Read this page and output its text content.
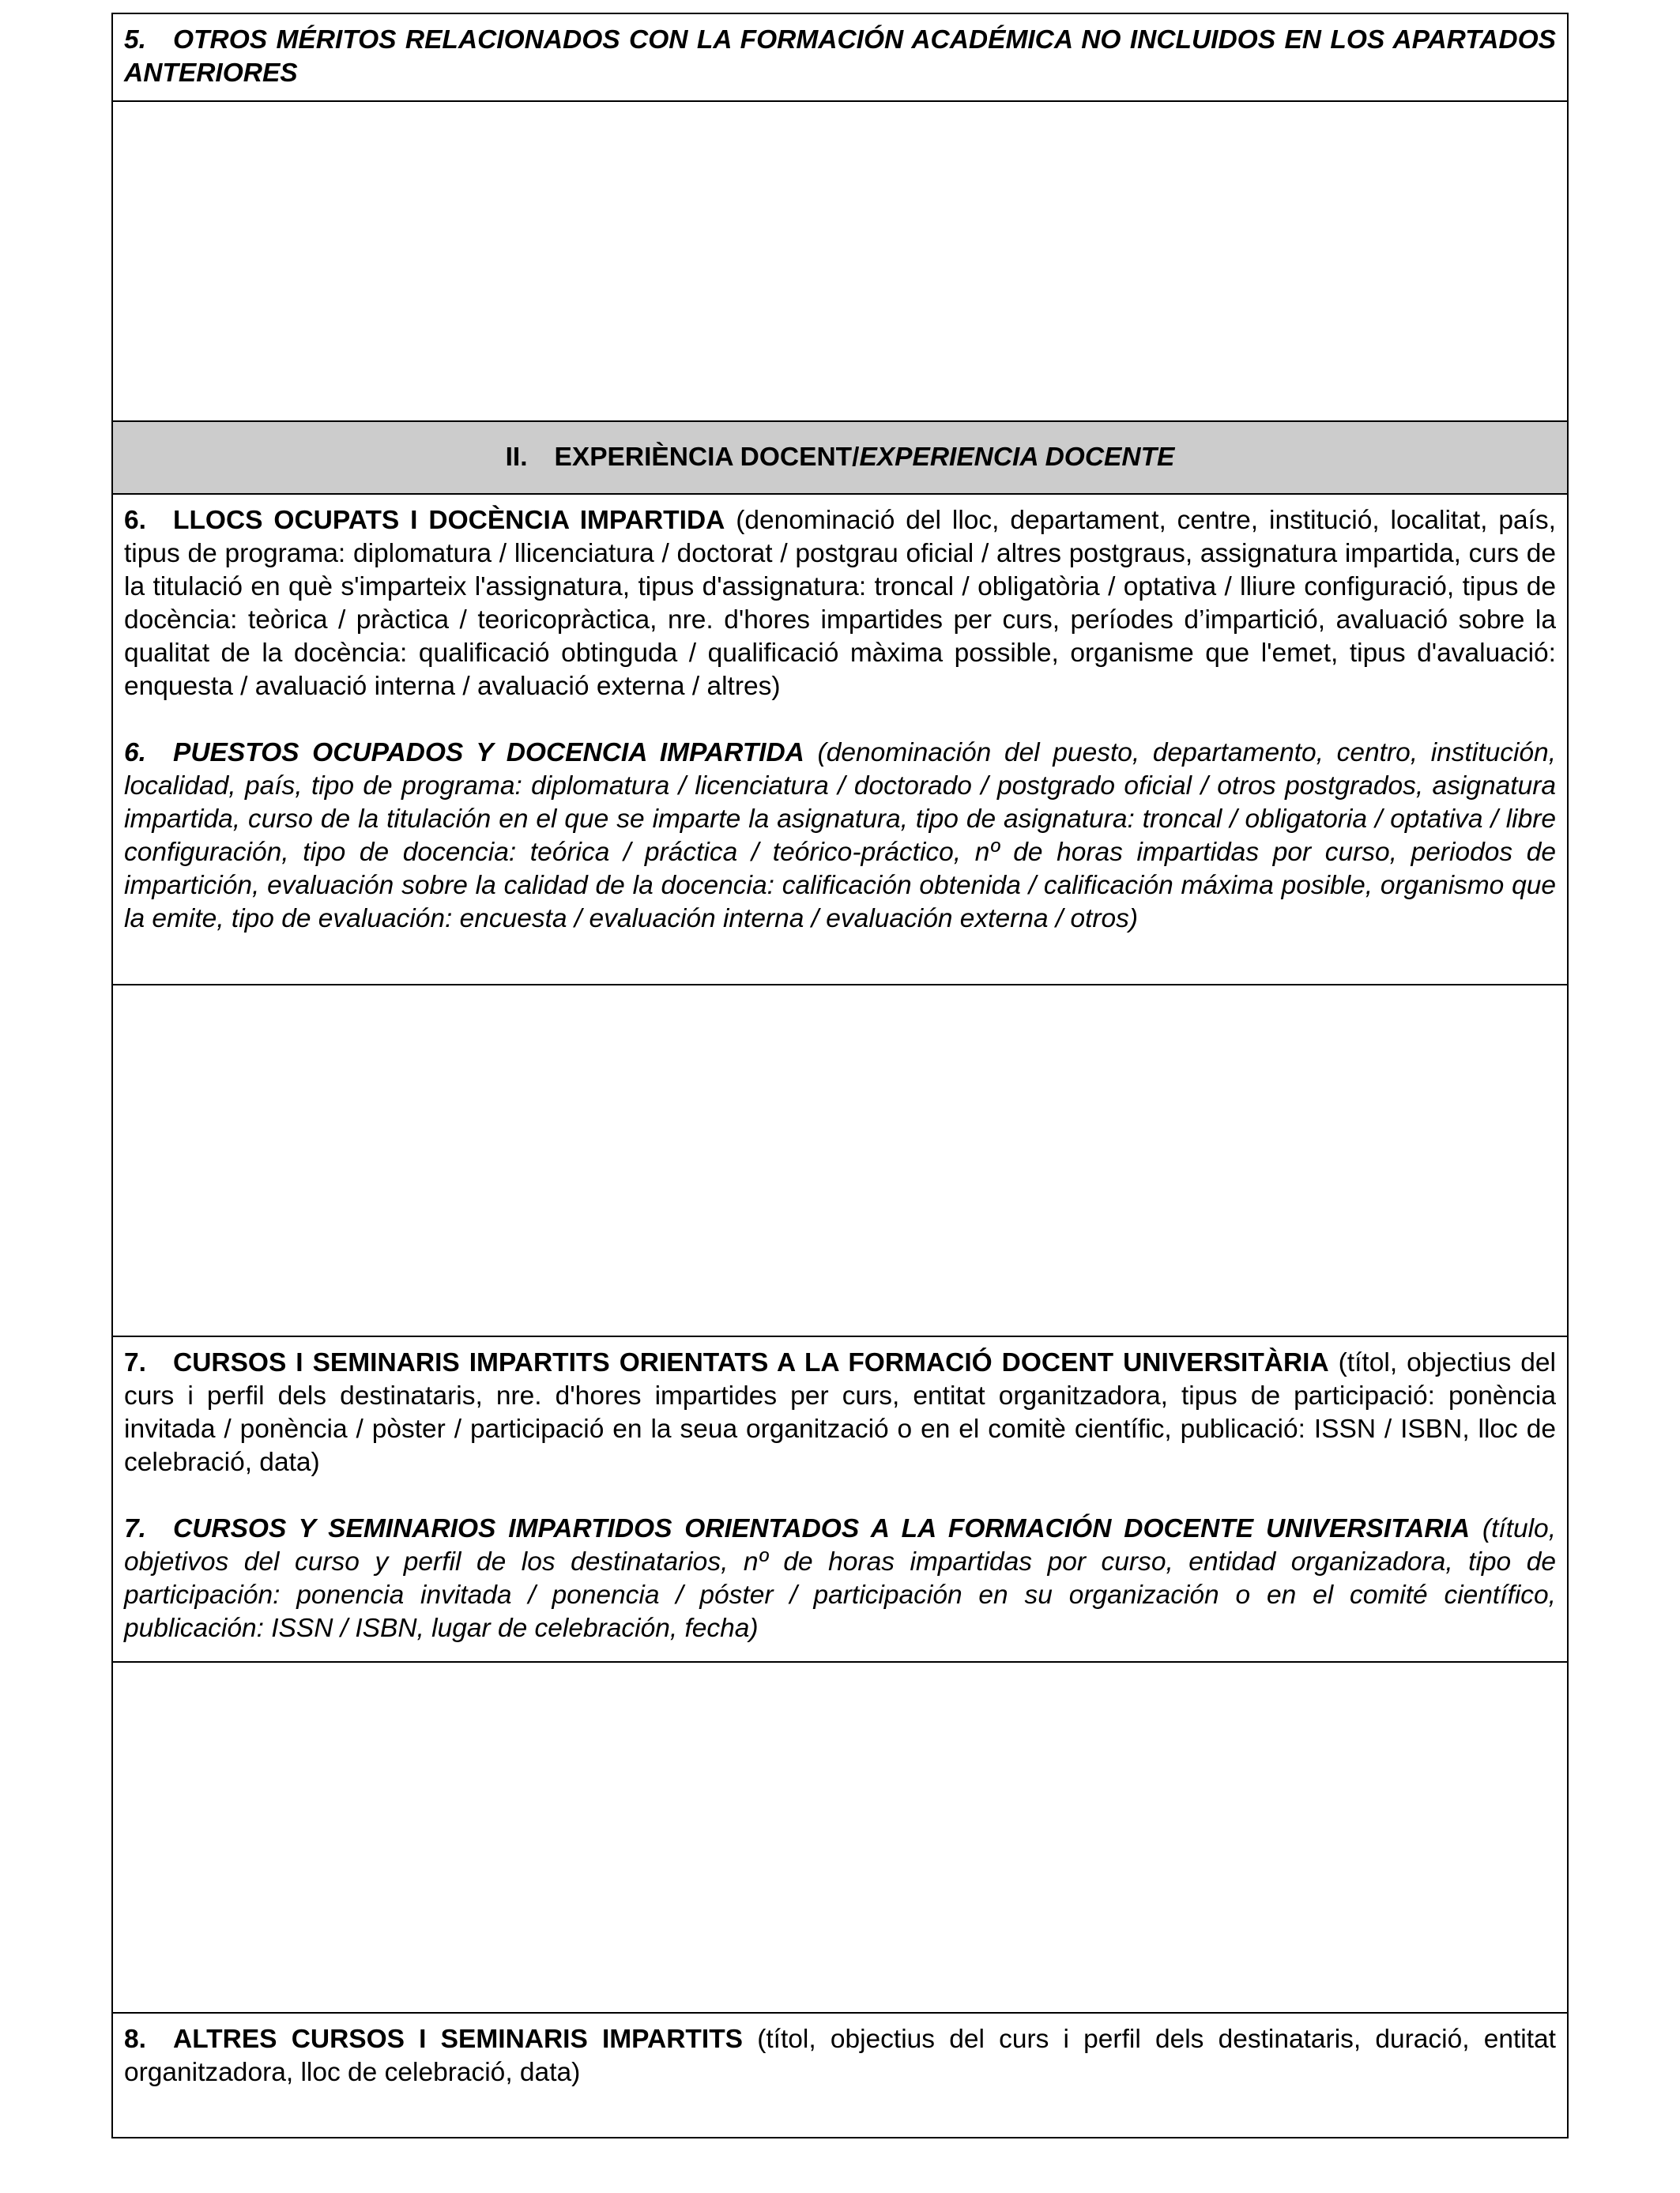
5. OTROS MÉRITOS RELACIONADOS CON LA FORMACIÓN ACADÉMICA NO INCLUIDOS EN LOS APARTADOS ANTERIORES
II. EXPERIÈNCIA DOCENT/ EXPERIENCIA DOCENTE
6. LLOCS OCUPATS I DOCÈNCIA IMPARTIDA (denominació del lloc, departament, centre, institució, localitat, país, tipus de programa: diplomatura / llicenciatura / doctorat / postgrau oficial / altres postgraus, assignatura impartida, curs de la titulació en què s'imparteix l'assignatura, tipus d'assignatura: troncal / obligatòria / optativa / lliure configuració, tipus de docència: teòrica / pràctica / teoricopràctica, nre. d'hores impartides per curs, períodes d’impartició, avaluació sobre la qualitat de la docència: qualificació obtinguda / qualificació màxima possible, organisme que l'emet, tipus d'avaluació: enquesta / avaluació interna / avaluació externa / altres)
6. PUESTOS OCUPADOS Y DOCENCIA IMPARTIDA (denominación del puesto, departamento, centro, institución, localidad, país, tipo de programa: diplomatura / licenciatura / doctorado / postgrado oficial / otros postgrados, asignatura impartida, curso de la titulación en el que se imparte la asignatura, tipo de asignatura: troncal / obligatoria / optativa / libre configuración, tipo de docencia: teórica / práctica / teórico-práctico, nº de horas impartidas por curso, periodos de impartición, evaluación sobre la calidad de la docencia: calificación obtenida / calificación máxima posible, organismo que la emite, tipo de evaluación: encuesta / evaluación interna / evaluación externa / otros)
7. CURSOS I SEMINARIS IMPARTITS ORIENTATS A LA FORMACIÓ DOCENT UNIVERSITÀRIA (títol, objectius del curs i perfil dels destinataris, nre. d'hores impartides per curs, entitat organitzadora, tipus de participació: ponència invitada / ponència / pòster / participació en la seua organització o en el comitè científic, publicació: ISSN / ISBN, lloc de celebració, data)
7. CURSOS Y SEMINARIOS IMPARTIDOS ORIENTADOS A LA FORMACIÓN DOCENTE UNIVERSITARIA (título, objetivos del curso y perfil de los destinatarios, nº de horas impartidas por curso, entidad organizadora, tipo de participación: ponencia invitada / ponencia / póster / participación en su organización o en el comité científico, publicación: ISSN / ISBN, lugar de celebración, fecha)
8. ALTRES CURSOS I SEMINARIS IMPARTITS (títol, objectius del curs i perfil dels destinataris, duració, entitat organitzadora, lloc de celebració, data)
